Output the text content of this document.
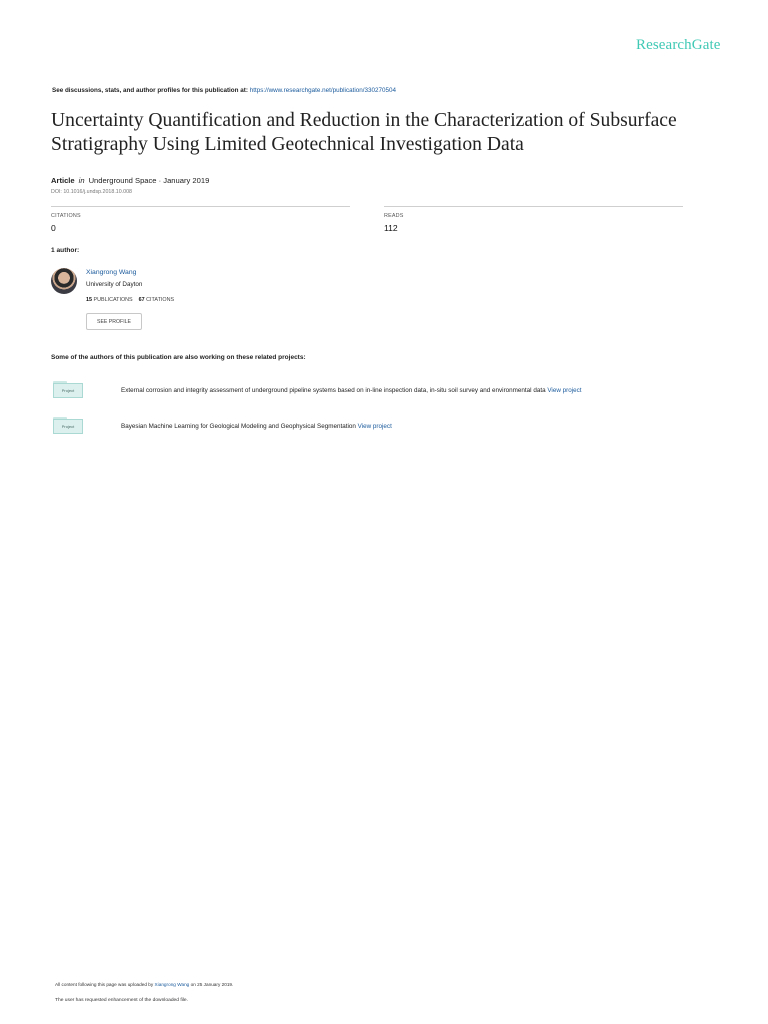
ResearchGate
See discussions, stats, and author profiles for this publication at: https://www.researchgate.net/publication/330270504
Uncertainty Quantification and Reduction in the Characterization of Subsurface Stratigraphy Using Limited Geotechnical Investigation Data
Article in Underground Space · January 2019
DOI: 10.1016/j.undsp.2018.10.008
CITATIONS
0
READS
112
1 author:
Xiangrong Wang
University of Dayton
15 PUBLICATIONS 67 CITATIONS
SEE PROFILE
Some of the authors of this publication are also working on these related projects:
Project	External corrosion and integrity assessment of underground pipeline systems based on in-line inspection data, in-situ soil survey and environmental data View project
Project	Bayesian Machine Learning for Geological Modeling and Geophysical Segmentation View project
All content following this page was uploaded by Xiangrong Wang on 25 January 2019.
The user has requested enhancement of the downloaded file.
